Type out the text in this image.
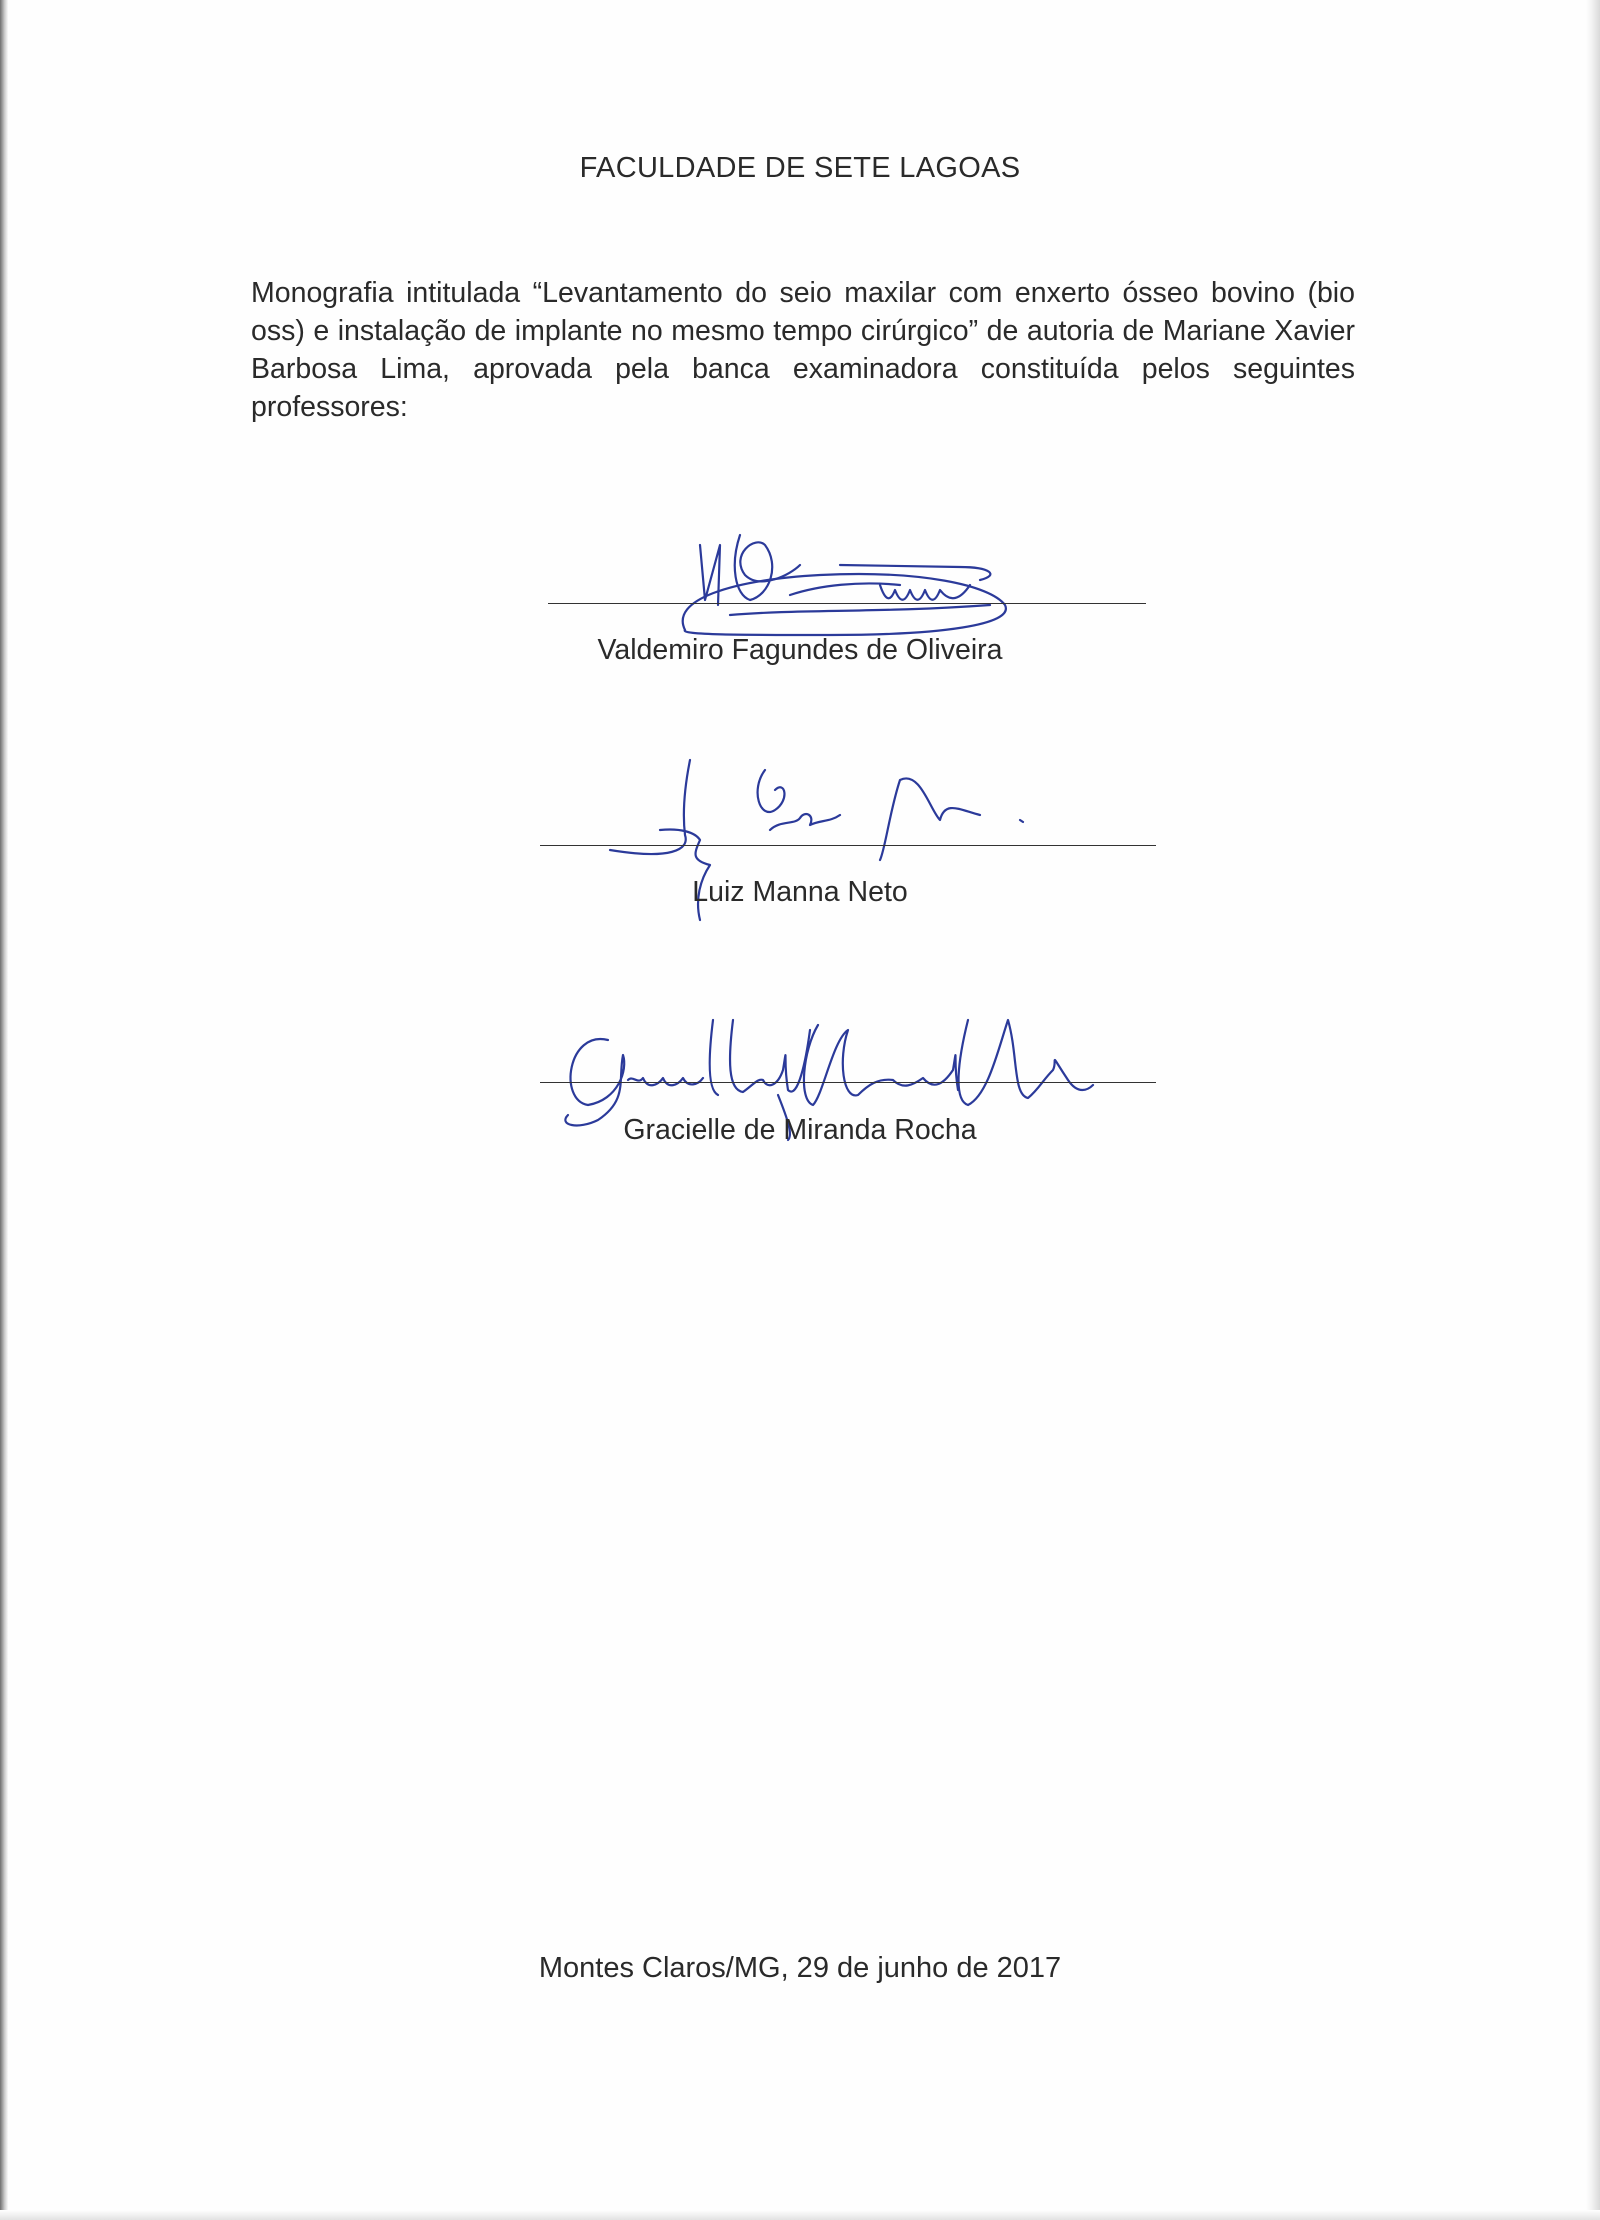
FACULDADE DE SETE LAGOAS
Monografia intitulada “Levantamento do seio maxilar com enxerto ósseo bovino (bio oss) e instalação de implante no mesmo tempo cirúrgico” de autoria de Mariane Xavier Barbosa Lima, aprovada pela banca examinadora constituída pelos seguintes professores:
Valdemiro Fagundes de Oliveira
Luiz Manna Neto
Gracielle de Miranda Rocha
Montes Claros/MG, 29 de junho de 2017
